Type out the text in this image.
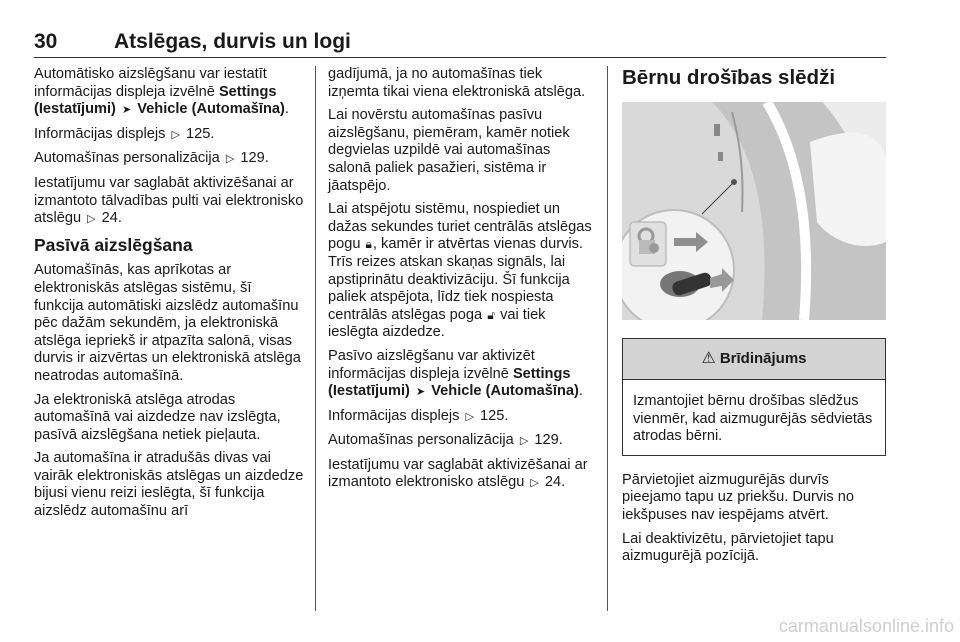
30	Atslēgas, durvis un logi

Automātisko aizslēgšanu var iestatīt informācijas displeja izvēlnē Settings (Iestatījumi) ➤ Vehicle (Automašīna).

Informācijas displejs ▷ 125.

Automašīnas personalizācija ▷ 129.

Iestatījumu var saglabāt aktivizēšanai ar izmantoto tālvadības pulti vai elektronisko atslēgu ▷ 24.

Pasīvā aizslēgšana

Automašīnās, kas aprīkotas ar elektroniskās atslēgas sistēmu, šī funkcija automātiski aizslēdz automašīnu pēc dažām sekundēm, ja elektroniskā atslēga iepriekš ir atpazīta salonā, visas durvis ir aizvērtas un elektroniskā atslēga neatrodas automašīnā.

Ja elektroniskā atslēga atrodas automašīnā vai aizdedze nav izslēgta, pasīvā aizslēgšana netiek pieļauta.

Ja automašīna ir atradušās divas vai vairāk elektroniskās atslēgas un aizdedze bijusi vienu reizi ieslēgta, šī funkcija aizslēdz automašīnu arī

gadījumā, ja no automašīnas tiek izņemta tikai viena elektroniskā atslēga.

Lai novērstu automašīnas pasīvu aizslēgšanu, piemēram, kamēr notiek degvielas uzpildē vai automašīnas salonā paliek pasažieri, sistēma ir jāatspējo.

Lai atspējotu sistēmu, nospiediet un dažas sekundes turiet centrālās atslēgas pogu 🔒︎, kamēr ir atvērtas vienas durvis. Trīs reizes atskan skaņas signāls, lai apstiprinātu deaktivizāciju. Šī funkcija paliek atspējota, līdz tiek nospiesta centrālās atslēgas poga 🔓︎ vai tiek ieslēgta aizdedze.

Pasīvo aizslēgšanu var aktivizēt informācijas displeja izvēlnē Settings (Iestatījumi) ➤ Vehicle (Automašīna).

Informācijas displejs ▷ 125.

Automašīnas personalizācija ▷ 129.

Iestatījumu var saglabāt aktivizēšanai ar izmantoto elektronisko atslēgu ▷ 24.

Bērnu drošības slēdži
⚠︎ Brīdinājums

Izmantojiet bērnu drošības slēdžus vienmēr, kad aizmugurējās sēdvietās atrodas bērni.

Pārvietojiet aizmugurējās durvīs pieejamo tapu uz priekšu. Durvis no iekšpuses nav iespējams atvērt.

Lai deaktivizētu, pārvietojiet tapu aizmugurējā pozīcijā.

carmanualsonline.info
